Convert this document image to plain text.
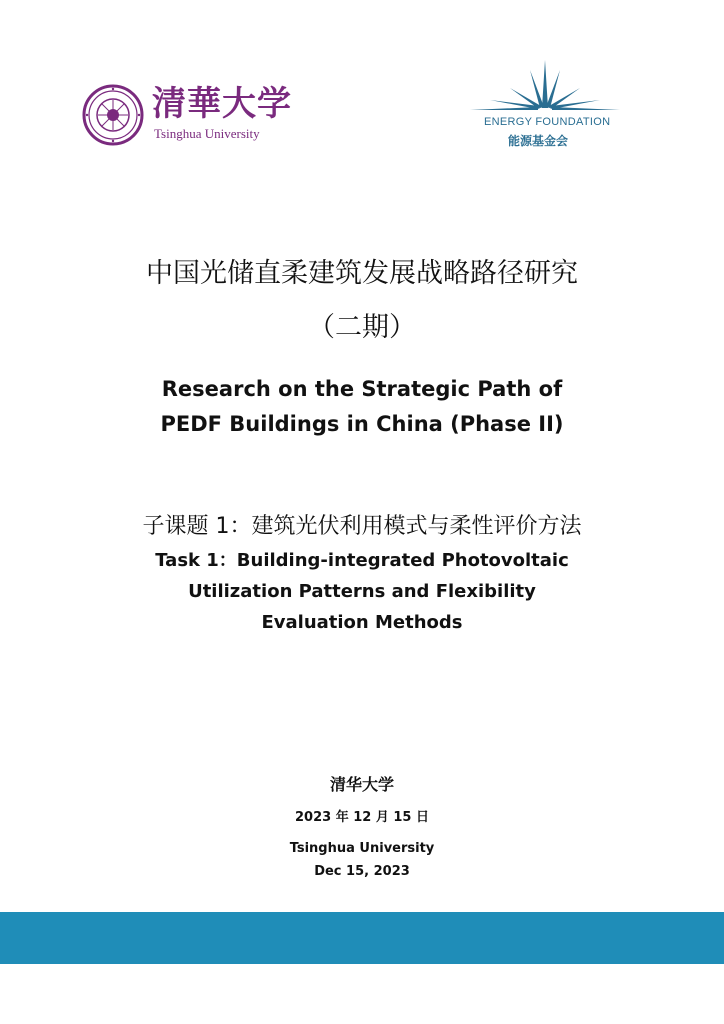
清華大学
Tsinghua University
ENERGY FOUNDATION
能源基金会
中国光储直柔建筑发展战略路径研究
（二期）
Research on the Strategic Path of
PEDF Buildings in China (Phase II)
子课题 1：建筑光伏利用模式与柔性评价方法
Task 1：Building-integrated Photovoltaic
Utilization Patterns and Flexibility
Evaluation Methods
清华大学
2023 年 12 月 15 日
Tsinghua University
Dec 15, 2023
